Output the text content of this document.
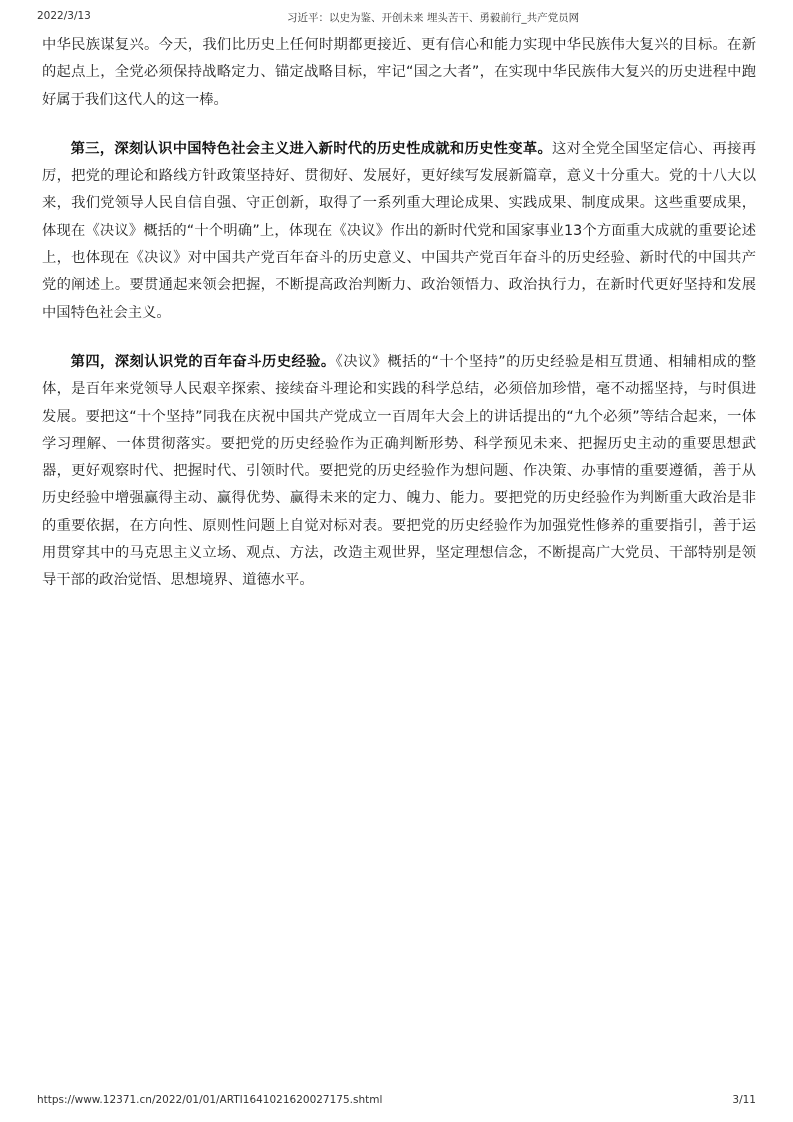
2022/3/13	习近平：以史为鉴、开创未来 埋头苦干、勇毅前行_共产党员网

中华民族谋复兴。今天，我们比历史上任何时期都更接近、更有信心和能力实现中华民族伟大复兴的目标。在新的起点上，全党必须保持战略定力、锚定战略目标，牢记“国之大者”，在实现中华民族伟大复兴的历史进程中跑好属于我们这代人的这一棒。

第三，深刻认识中国特色社会主义进入新时代的历史性成就和历史性变革。这对全党全国坚定信心、再接再厉，把党的理论和路线方针政策坚持好、贯彻好、发展好，更好续写发展新篇章，意义十分重大。党的十八大以来，我们党领导人民自信自强、守正创新，取得了一系列重大理论成果、实践成果、制度成果。这些重要成果，体现在《决议》概括的“十个明确”上，体现在《决议》作出的新时代党和国家事业13个方面重大成就的重要论述上，也体现在《决议》对中国共产党百年奋斗的历史意义、中国共产党百年奋斗的历史经验、新时代的中国共产党的阐述上。要贯通起来领会把握，不断提高政治判断力、政治领悟力、政治执行力，在新时代更好坚持和发展中国特色社会主义。

第四，深刻认识党的百年奋斗历史经验。《决议》概括的“十个坚持”的历史经验是相互贯通、相辅相成的整体，是百年来党领导人民艰辛探索、接续奋斗理论和实践的科学总结，必须倍加珍惜，毫不动摇坚持，与时俱进发展。要把这“十个坚持”同我在庆祝中国共产党成立一百周年大会上的讲话提出的“九个必须”等结合起来，一体学习理解、一体贯彻落实。要把党的历史经验作为正确判断形势、科学预见未来、把握历史主动的重要思想武器，更好观察时代、把握时代、引领时代。要把党的历史经验作为想问题、作决策、办事情的重要遵循，善于从历史经验中增强赢得主动、赢得优势、赢得未来的定力、魄力、能力。要把党的历史经验作为判断重大政治是非的重要依据，在方向性、原则性问题上自觉对标对表。要把党的历史经验作为加强党性修养的重要指引，善于运用贯穿其中的马克思主义立场、观点、方法，改造主观世界，坚定理想信念，不断提高广大党员、干部特别是领导干部的政治觉悟、思想境界、道德水平。

https://www.12371.cn/2022/01/01/ARTI1641021620027175.shtml	3/11
